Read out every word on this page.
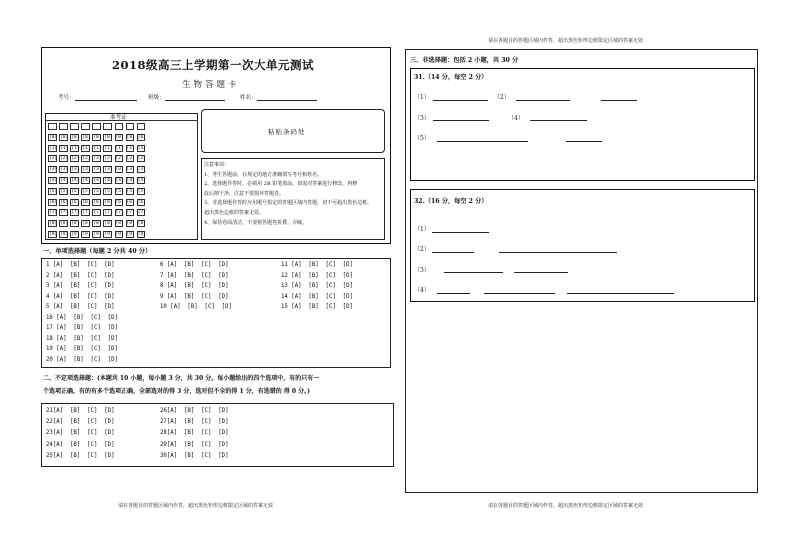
请在各题目的答题区域内作答，超出黑色矩形边框限定区域的答案无效
请在各题目的答题区域内作答，超出黑色矩形边框限定区域的答案无效	请在各题目的答题区域内作答，超出黑色矩形边框限定区域的答案无效
2018级高三上学期第一次大单元测试
生物答题卡
考号：	班级：	姓名：
准考证
[0] [0] [0] [0] [0] [0] [0] [0] [0]
[1] [1] [1] [1] [1] [1] [1] [1] [1]
[2] [2] [2] [2] [2] [2] [2] [2] [2]
[3] [3] [3] [3] [3] [3] [3] [3] [3]
[4] [4] [4] [4] [4] [4] [4] [4] [4]
[5] [5] [5] [5] [5] [5] [5] [5] [5]
[6] [6] [6] [6] [6] [6] [6] [6] [6]
[7] [7] [7] [7] [7] [7] [7] [7] [7]
[8] [8] [8] [8] [8] [8] [8] [8] [8]
[9] [9] [9] [9] [9] [9] [9] [9] [9]
粘贴条码处
注意事项：
1、考生答题前，在规定的地方准确填写考号和姓名。
2、选择题作答时，必须用 2B 铅笔填涂，如需对答案进行修改，再修
改后擦干净，注意不要损坏答题卷。
3、非选择题作答时应用题号指定的答题区域内答题，切不可超出黑色边框，
超出黑色边框的答案无效。
4、保持卷面清洁，不要将答题卷折叠，弄破。
一、单项选择题（每题 2 分共 40 分）
1 [A]  [B]  [C]  [D]
2 [A]  [B]  [C]  [D]
3 [A]  [B]  [C]  [D]
4 [A]  [B]  [C]  [D]
5 [A]  [B]  [C]  [D]
16 [A]  [B]  [C]  [D]
17 [A]  [B]  [C]  [D]
18 [A]  [B]  [C]  [D]
19 [A]  [B]  [C]  [D]
20 [A]  [B]  [C]  [D]
6 [A]  [B]  [C]  [D]
7 [A]  [B]  [C]  [D]
8 [A]  [B]  [C]  [D]
9 [A]  [B]  [C]  [D]
10 [A]  [B]  [C]  [D]
11 [A]  [B]  [C]  [D]
12 [A]  [B]  [C]  [D]
13 [A]  [B]  [C]  [D]
14 [A]  [B]  [C]  [D]
15 [A]  [B]  [C]  [D]
二、不定项选择题：(本题共 10 小题，每小题 3 分，共 30 分。每小题给出的四个选项中，有的只有一
个选项正确，有的有多个选项正确，全部选对的得 3 分，选对但不全的得 1 分，有选错的 得 0 分。)
21[A]  [B]  [C]  [D]
22[A]  [B]  [C]  [D]
23[A]  [B]  [C]  [D]
24[A]  [B]  [C]  [D]
25[A]  [B]  [C]  [D]
26[A]  [B]  [C]  [D]
27[A]  [B]  [C]  [D]
28[A]  [B]  [C]  [D]
29[A]  [B]  [C]  [D]
30[A]  [B]  [C]  [D]
三、非选择题：包括 2 小题，共 30 分
31.（14 分，每空 2 分）
（1）	（2）
（3）	（4）
（5）
32.（16 分，每空 2 分）
（1）
（2）
（3）
（4）
